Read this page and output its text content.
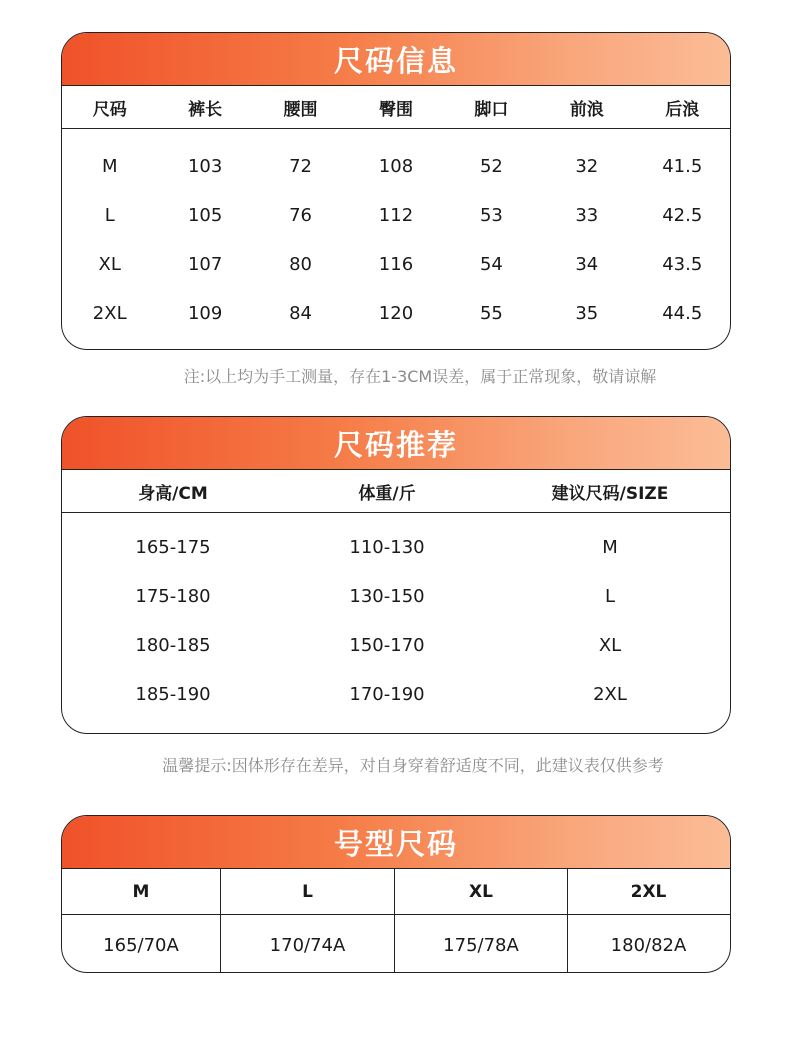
尺码信息
尺码	裤长	腰围	臀围	脚口	前浪	后浪
M	103	72	108	52	32	41.5
L	105	76	112	53	33	42.5
XL	107	80	116	54	34	43.5
2XL	109	84	120	55	35	44.5
注:以上均为手工测量，存在1-3CM误差，属于正常现象，敬请谅解
尺码推荐
身高/CM	体重/斤	建议尺码/SIZE
165-175	110-130	M
175-180	130-150	L
180-185	150-170	XL
185-190	170-190	2XL
温馨提示:因体形存在差异，对自身穿着舒适度不同，此建议表仅供参考
号型尺码
M	L	XL	2XL
165/70A	170/74A	175/78A	180/82A
